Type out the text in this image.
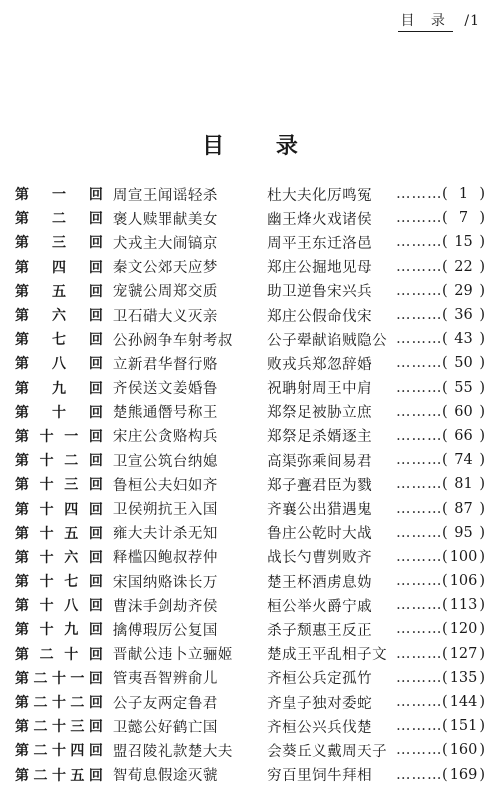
目 录 /1
目 录
第 一 回 周宣王闻谣轻杀	杜大夫化厉鸣冤	……… ( 1 )
第 二 回 褒人赎罪献美女	幽王烽火戏诸侯	……… ( 7 )
第 三 回 犬戎主大闹镐京	周平王东迁洛邑	……… ( 15 )
第 四 回 秦文公郊天应梦	郑庄公掘地见母	……… ( 22 )
第 五 回 宠虢公周郑交质	助卫逆鲁宋兴兵	……… ( 29 )
第 六 回 卫石碏大义灭亲	郑庄公假命伐宋	……… ( 36 )
第 七 回 公孙阏争车射考叔	公子翚献谄贼隐公 ……… ( 43 )
第 八 回 立新君华督行赂	败戎兵郑忽辞婚	……… ( 50 )
第 九 回 齐侯送文姜婚鲁	祝聃射周王中肩	……… ( 55 )
第 十 回 楚熊通僭号称王	郑祭足被胁立庶	……… ( 60 )
第 十 一 回 宋庄公贪赂构兵	郑祭足杀婿逐主	……… ( 66 )
第 十 二 回 卫宣公筑台纳媳	高渠弥乘间易君	……… ( 74 )
第 十 三 回 鲁桓公夫妇如齐	郑子亹君臣为戮	……… ( 81 )
第 十 四 回 卫侯朔抗王入国	齐襄公出猎遇鬼	……… ( 87 )
第 十 五 回 雍大夫计杀无知	鲁庄公乾时大战	……… ( 95 )
第 十 六 回 释槛囚鲍叔荐仲	战长勺曹刿败齐	……… ( 100 )
第 十 七 回 宋国纳赂诛长万	楚王杯酒虏息妫	……… ( 106 )
第 十 八 回 曹沫手剑劫齐侯	桓公举火爵宁戚	……… ( 113 )
第 十 九 回 擒傅瑕厉公复国	杀子颓惠王反正	……… ( 120 )
第 二 十 回 晋献公违卜立骊姬	楚成王平乱相子文 ……… ( 127 )
第 二 十 一 回 管夷吾智辨俞儿	齐桓公兵定孤竹	……… ( 135 )
第 二 十 二 回 公子友两定鲁君	齐皇子独对委蛇	……… ( 144 )
第 二 十 三 回 卫懿公好鹤亡国	齐桓公兴兵伐楚	……… ( 151 )
第 二 十 四 回 盟召陵礼款楚大夫	会葵丘义戴周天子 ……… ( 160 )
第 二 十 五 回 智荀息假途灭虢	穷百里饲牛拜相	……… ( 169 )
